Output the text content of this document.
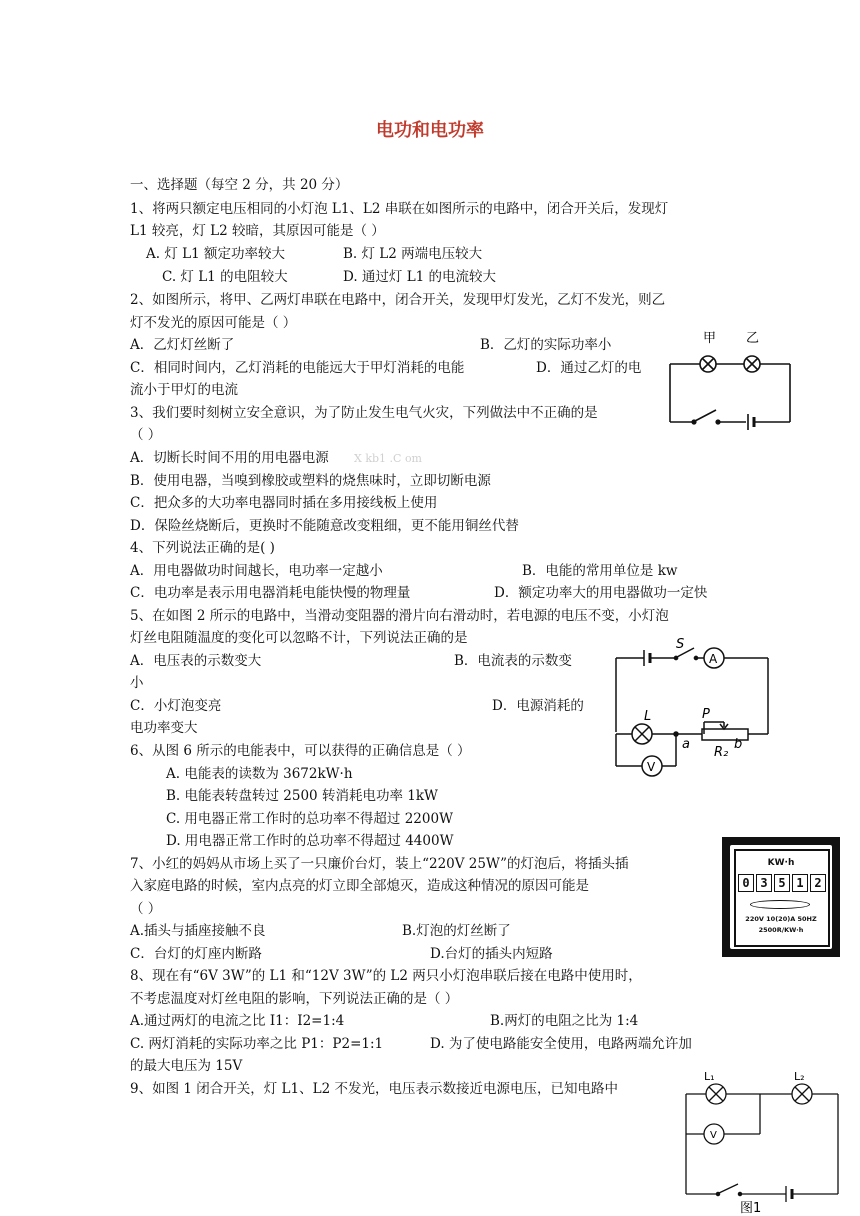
电功和电功率
一、选择题（每空 2 分，共 20 分）
1、将两只额定电压相同的小灯泡 L1、L2 串联在如图所示的电路中，闭合开关后，发现灯
L1 较亮，灯 L2 较暗，其原因可能是（ ）
A. 灯 L1 额定功率较大	B. 灯 L2 两端电压较大
C. 灯 L1 的电阻较大	D. 通过灯 L1 的电流较大
2、如图所示，将甲、乙两灯串联在电路中，闭合开关，发现甲灯发光，乙灯不发光，则乙
灯不发光的原因可能是（ ）
A．乙灯灯丝断了	B．乙灯的实际功率小
C．相同时间内，乙灯消耗的电能远大于甲灯消耗的电能	D．通过乙灯的电
流小于甲灯的电流
甲 乙
3、我们要时刻树立安全意识，为了防止发生电气火灾，下列做法中不正确的是
（ ）
A．切断长时间不用的用电器电源 X kb1 .C om
B．使用电器，当嗅到橡胶或塑料的烧焦味时，立即切断电源
C．把众多的大功率电器同时插在多用接线板上使用
D．保险丝烧断后，更换时不能随意改变粗细，更不能用铜丝代替
4、下列说法正确的是( )
A．用电器做功时间越长，电功率一定越小	B．电能的常用单位是 kw
C．电功率是表示用电器消耗电能快慢的物理量	D．额定功率大的用电器做功一定快
5、在如图 2 所示的电路中，当滑动变阻器的滑片向右滑动时，若电源的电压不变，小灯泡
灯丝电阻随温度的变化可以忽略不计，下列说法正确的是
A．电压表的示数变大	B．电流表的示数变
小
C．小灯泡变亮	D．电源消耗的
电功率变大
S
A
L	P
a
R₂
b
V
6、从图 6 所示的电能表中，可以获得的正确信息是（ ）
A. 电能表的读数为 3672kW·h
B. 电能表转盘转过 2500 转消耗电功率 1kW
C. 用电器正常工作时的总功率不得超过 2200W
D. 用电器正常工作时的总功率不得超过 4400W
KW·h
0 3 5 1 2
220V 10(20)A 50HZ
2500R/KW·h
7、小红的妈妈从市场上买了一只廉价台灯，装上“220V 25W”的灯泡后，将插头插
入家庭电路的时候，室内点亮的灯立即全部熄灭，造成这种情况的原因可能是
（ ）
A.插头与插座接触不良	B.灯泡的灯丝断了
C．台灯的灯座内断路	D.台灯的插头内短路
8、现在有“6V 3W”的 L1 和“12V 3W”的 L2 两只小灯泡串联后接在电路中使用时，
不考虑温度对灯丝电阻的影响，下列说法正确的是（ ）
A.通过两灯的电流之比 I1：I2=1:4	B.两灯的电阻之比为 1:4
C. 两灯消耗的实际功率之比 P1：P2=1:1	D. 为了使电路能安全使用，电路两端允许加
的最大电压为 15V
9、如图 1 闭合开关，灯 L1、L2 不发光，电压表示数接近电源电压，已知电路中
L₁	L₂
V
图1
